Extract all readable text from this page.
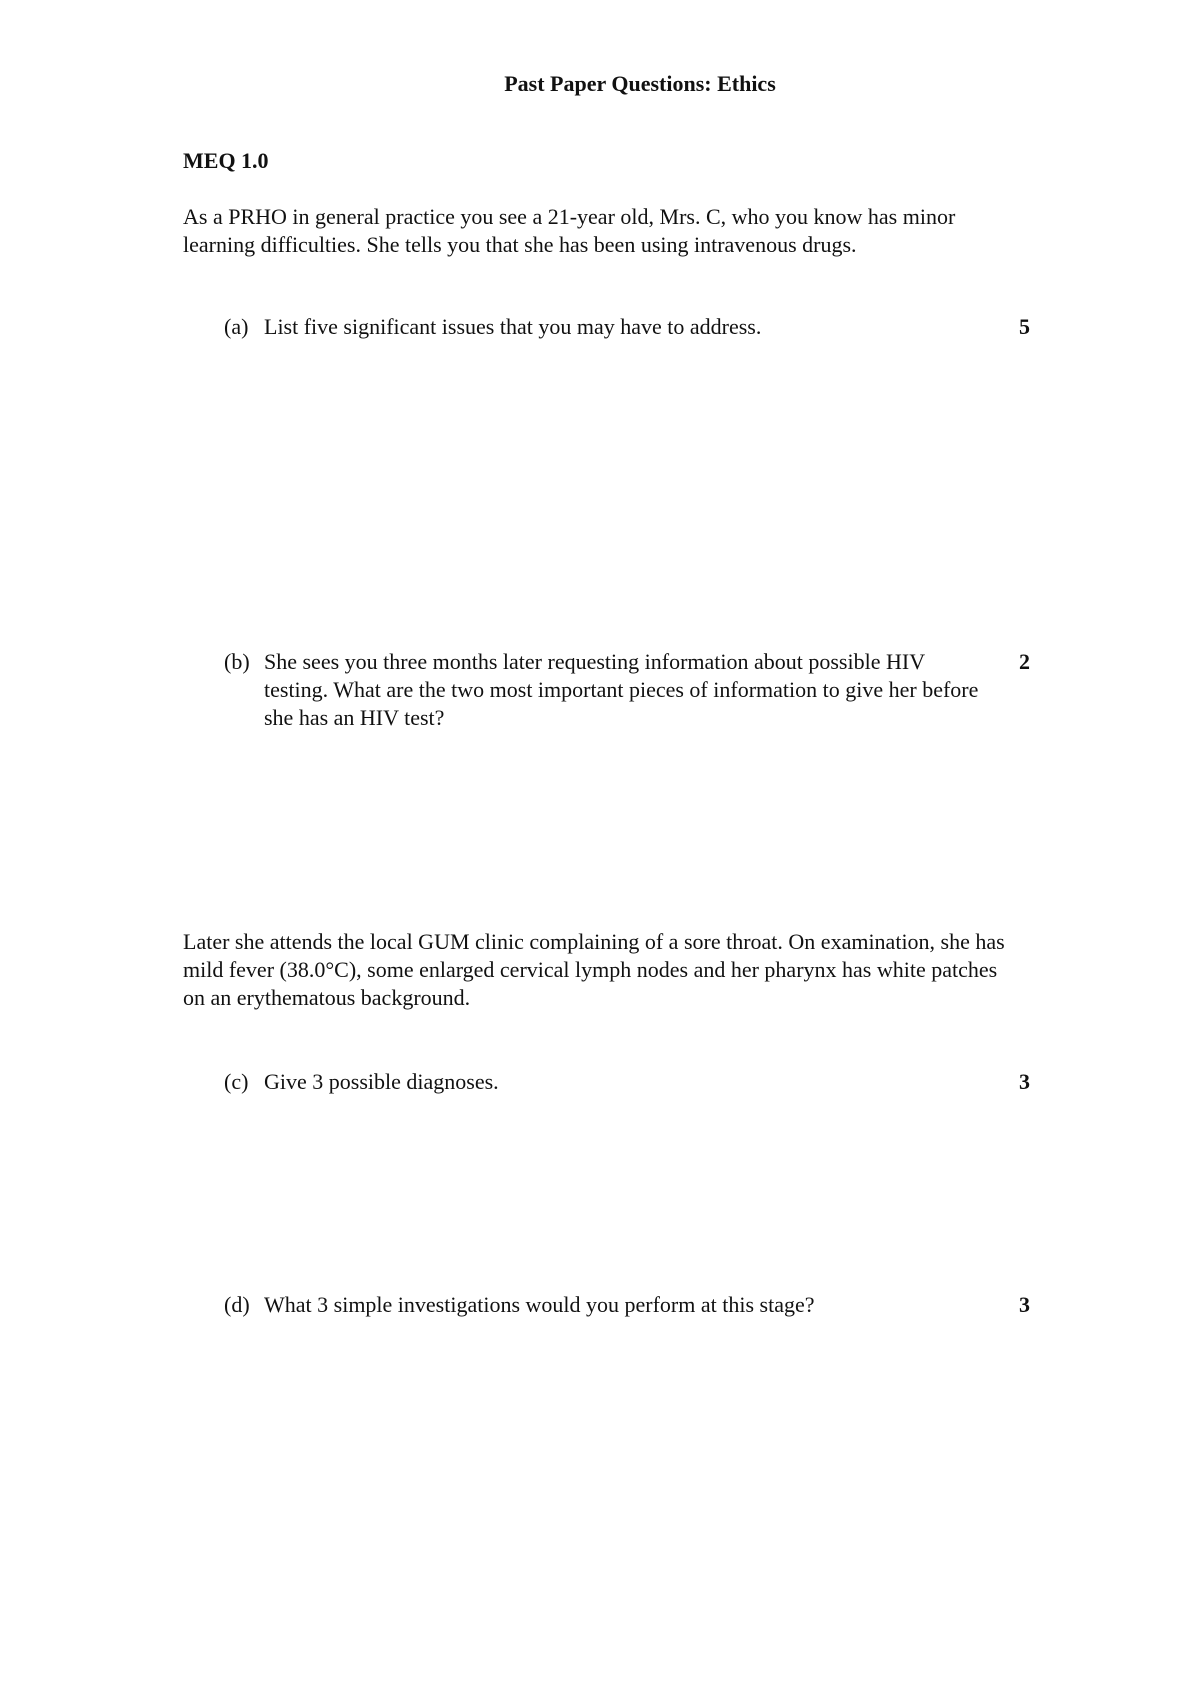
Past Paper Questions: Ethics
MEQ 1.0
As a PRHO in general practice you see a 21-year old, Mrs. C, who you know has minor learning difficulties. She tells you that she has been using intravenous drugs.
(a) List five significant issues that you may have to address.	5
(b) She sees you three months later requesting information about possible HIV testing. What are the two most important pieces of information to give her before she has an HIV test?
2
Later she attends the local GUM clinic complaining of a sore throat. On examination, she has mild fever (38.0°C), some enlarged cervical lymph nodes and her pharynx has white patches on an erythematous background.
(c) Give 3 possible diagnoses.	3
(d) What 3 simple investigations would you perform at this stage?	3
